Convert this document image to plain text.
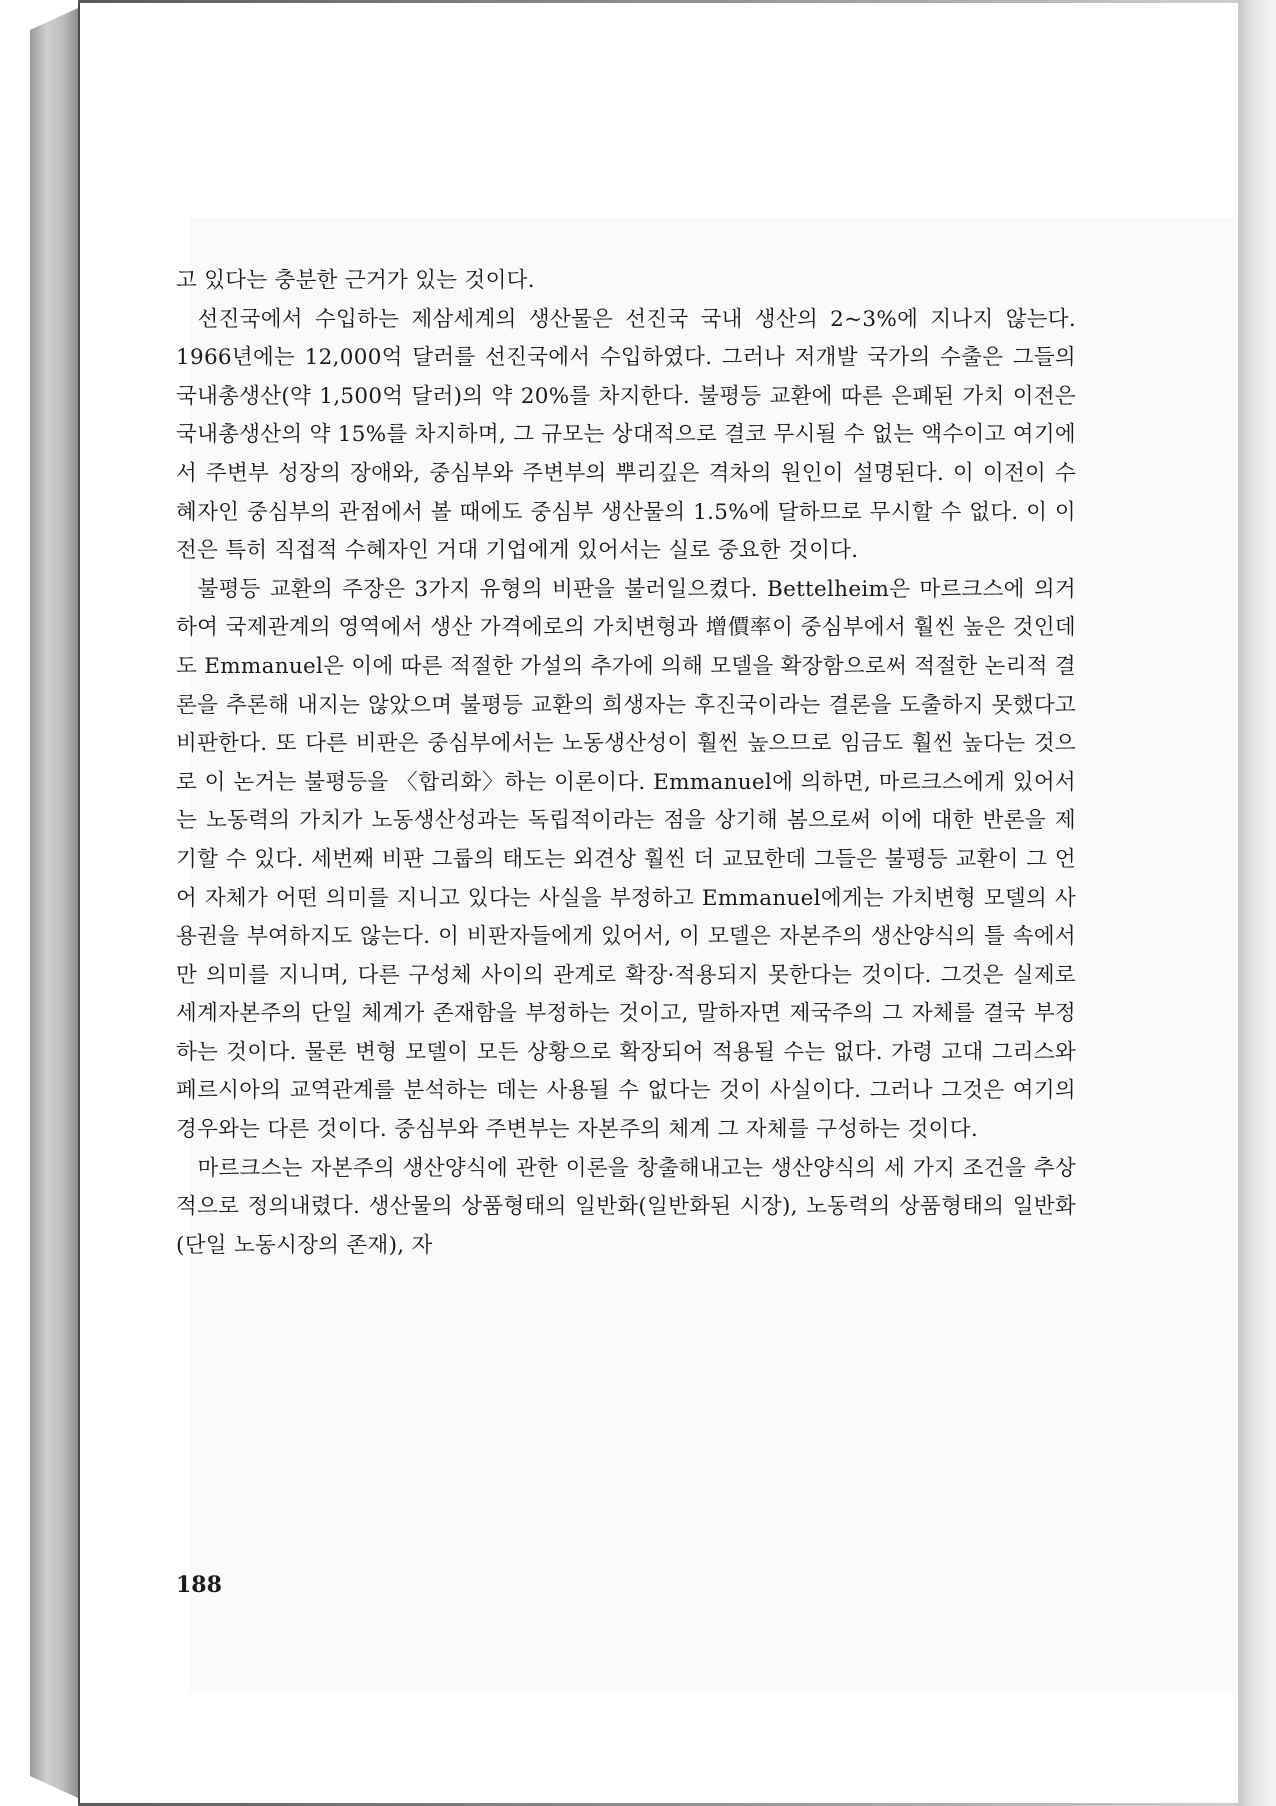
고 있다는 충분한 근거가 있는 것이다.

선진국에서 수입하는 제삼세계의 생산물은 선진국 국내 생산의 2~3%에 지나지 않는다. 1966년에는 12,000억 달러를 선진국에서 수입하였다. 그러나 저개발 국가의 수출은 그들의 국내총생산(약 1,500억 달러)의 약 20%를 차지한다. 불평등 교환에 따른 은폐된 가치 이전은 국내총생산의 약 15%를 차지하며, 그 규모는 상대적으로 결코 무시될 수 없는 액수이고 여기에서 주변부 성장의 장애와, 중심부와 주변부의 뿌리깊은 격차의 원인이 설명된다. 이 이전이 수혜자인 중심부의 관점에서 볼 때에도 중심부 생산물의 1.5%에 달하므로 무시할 수 없다. 이 이전은 특히 직접적 수혜자인 거대 기업에게 있어서는 실로 중요한 것이다.

불평등 교환의 주장은 3가지 유형의 비판을 불러일으켰다. Bettelheim은 마르크스에 의거하여 국제관계의 영역에서 생산 가격에로의 가치변형과 增價率이 중심부에서 훨씬 높은 것인데도 Emmanuel은 이에 따른 적절한 가설의 추가에 의해 모델을 확장함으로써 적절한 논리적 결론을 추론해 내지는 않았으며 불평등 교환의 희생자는 후진국이라는 결론을 도출하지 못했다고 비판한다. 또 다른 비판은 중심부에서는 노동생산성이 훨씬 높으므로 임금도 훨씬 높다는 것으로 이 논거는 불평등을 〈합리화〉하는 이론이다. Emmanuel에 의하면, 마르크스에게 있어서는 노동력의 가치가 노동생산성과는 독립적이라는 점을 상기해 봄으로써 이에 대한 반론을 제기할 수 있다. 세번째 비판 그룹의 태도는 외견상 훨씬 더 교묘한데 그들은 불평등 교환이 그 언어 자체가 어떤 의미를 지니고 있다는 사실을 부정하고 Emmanuel에게는 가치변형 모델의 사용권을 부여하지도 않는다. 이 비판자들에게 있어서, 이 모델은 자본주의 생산양식의 틀 속에서만 의미를 지니며, 다른 구성체 사이의 관계로 확장·적용되지 못한다는 것이다. 그것은 실제로 세계자본주의 단일 체계가 존재함을 부정하는 것이고, 말하자면 제국주의 그 자체를 결국 부정하는 것이다. 물론 변형 모델이 모든 상황으로 확장되어 적용될 수는 없다. 가령 고대 그리스와 페르시아의 교역관계를 분석하는 데는 사용될 수 없다는 것이 사실이다. 그러나 그것은 여기의 경우와는 다른 것이다. 중심부와 주변부는 자본주의 체계 그 자체를 구성하는 것이다.

마르크스는 자본주의 생산양식에 관한 이론을 창출해내고는 생산양식의 세 가지 조건을 추상적으로 정의내렸다. 생산물의 상품형태의 일반화(일반화된 시장), 노동력의 상품형태의 일반화(단일 노동시장의 존재), 자

188
